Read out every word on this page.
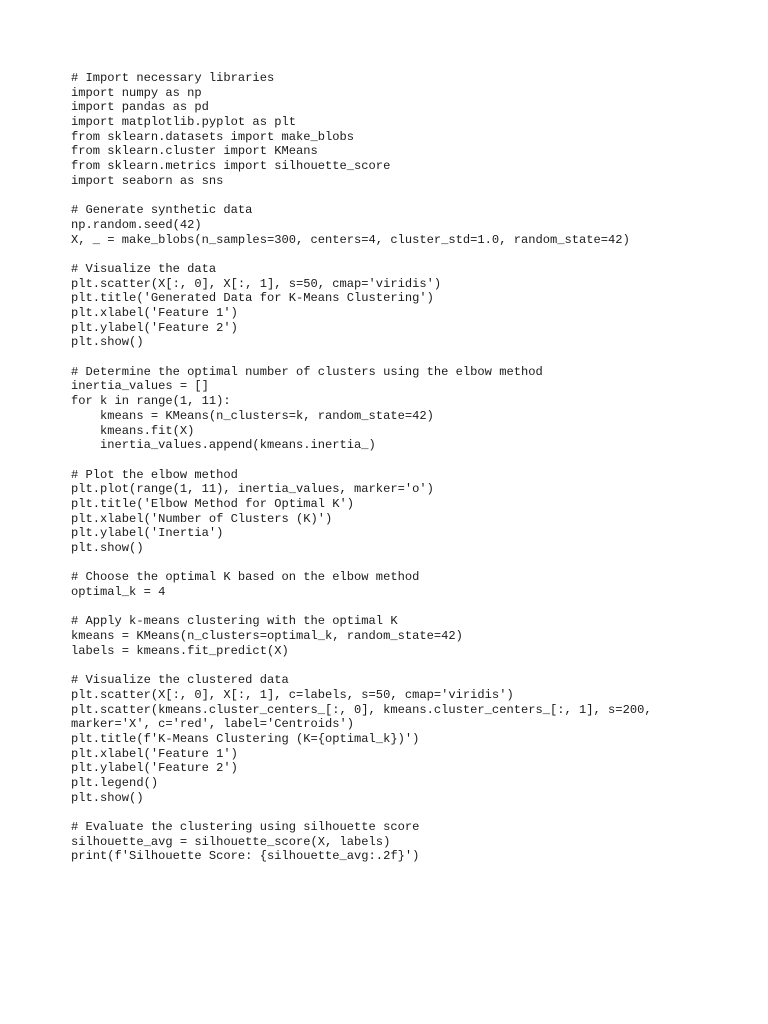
# Import necessary libraries
import numpy as np
import pandas as pd
import matplotlib.pyplot as plt
from sklearn.datasets import make_blobs
from sklearn.cluster import KMeans
from sklearn.metrics import silhouette_score
import seaborn as sns
# Generate synthetic data
np.random.seed(42)
X, _ = make_blobs(n_samples=300, centers=4, cluster_std=1.0, random_state=42)
# Visualize the data
plt.scatter(X[:, 0], X[:, 1], s=50, cmap='viridis')
plt.title('Generated Data for K-Means Clustering')
plt.xlabel('Feature 1')
plt.ylabel('Feature 2')
plt.show()
# Determine the optimal number of clusters using the elbow method
inertia_values = []
for k in range(1, 11):
kmeans = KMeans(n_clusters=k, random_state=42)
kmeans.fit(X)
inertia_values.append(kmeans.inertia_)
# Plot the elbow method
plt.plot(range(1, 11), inertia_values, marker='o')
plt.title('Elbow Method for Optimal K')
plt.xlabel('Number of Clusters (K)')
plt.ylabel('Inertia')
plt.show()
# Choose the optimal K based on the elbow method
optimal_k = 4
# Apply k-means clustering with the optimal K
kmeans = KMeans(n_clusters=optimal_k, random_state=42)
labels = kmeans.fit_predict(X)
# Visualize the clustered data
plt.scatter(X[:, 0], X[:, 1], c=labels, s=50, cmap='viridis')
plt.scatter(kmeans.cluster_centers_[:, 0], kmeans.cluster_centers_[:, 1], s=200,
marker='X', c='red', label='Centroids')
plt.title(f'K-Means Clustering (K={optimal_k})')
plt.xlabel('Feature 1')
plt.ylabel('Feature 2')
plt.legend()
plt.show()
# Evaluate the clustering using silhouette score
silhouette_avg = silhouette_score(X, labels)
print(f'Silhouette Score: {silhouette_avg:.2f}')
